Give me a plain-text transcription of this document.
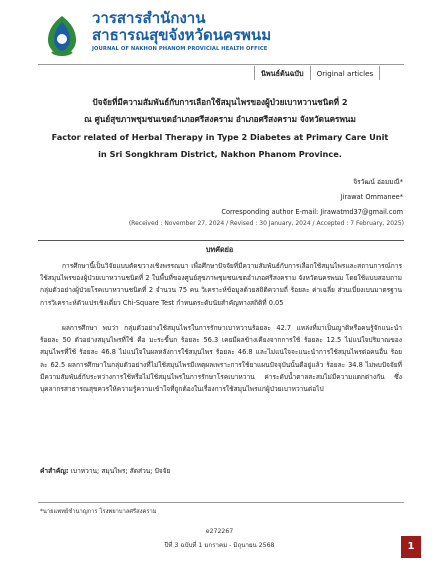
วารสารสำนักงาน
สาธารณสุขจังหวัดนครพนม
JOURNAL OF NAKHON PHANOM PROVICIAL HEALTH OFFICE
นิพนธ์ต้นฉบับ	Original articles
ปัจจัยที่มีความสัมพันธ์กับการเลือกใช้สมุนไพรของผู้ป่วยเบาหวานชนิดที่ 2
ณ ศูนย์สุขภาพชุมชนเขตอำเภอศรีสงคราม อำเภอศรีสงคราม จังหวัดนครพนม
Factor related of Herbal Therapy in Type 2 Diabetes at Primary Care Unit
in Sri Songkhram District, Nakhon Phanom Province.
จิรวัฒน์ อ่อมมณี*
Jirawat Ommanee*
Corresponding author E-mail: Jirawatmd37@gmail.com
(Received : November 27, 2024 / Revised : 30 January, 2024 / Accepted : 7 February, 2025)
บทคัดย่อ

การศึกษานี้เป็นวิจัยแบบตัดขวางเชิงพรรณนา เพื่อศึกษาปัจจัยที่มีความสัมพันธ์กับการเลือกใช้สมุนไพรและสถานการณ์การใช้สมุนไพรของผู้ป่วยเบาหวานชนิดที่ 2 ในพื้นที่ของศูนย์สุขภาพชุมชนเขตอำเภอศรีสงคราม จังหวัดนครพนม โดยใช้แบบสอบถาม กลุ่มตัวอย่างผู้ป่วยโรคเบาหวานชนิดที่ 2 จำนวน 75 คน วิเคราะห์ข้อมูลด้วยสถิติความถี่ ร้อยละ ค่าเฉลี่ย ส่วนเบี่ยงเบนมาตรฐาน การวิเคราะห์ตัวแปรเชิงเดี่ยว Chi-Square Test กำหนดระดับนัยสำคัญทางสถิติที่ 0.05

ผลการศึกษา พบว่า กลุ่มตัวอย่างใช้สมุนไพรในการรักษาเบาหวานร้อยละ 42.7 แหล่งที่มาเป็นญาติหรือคนรู้จักแนะนำ ร้อยละ 50 ตัวอย่างสมุนไพรที่ใช้ คือ มะระขี้นก ร้อยละ 56.3 เคยมีผลข้างเคียงจากการใช้ ร้อยละ 12.5 ไม่แน่ใจปริมาณของสมุนไพรที่ใช้ ร้อยละ 46.8 ไม่แน่ใจในผลหลังการใช้สมุนไพร ร้อยละ 46.8 และไม่แน่ใจจะแนะนำการใช้สมุนไพรต่อคนอื่น ร้อยละ 62.5 ผลการศึกษาในกลุ่มตัวอย่างที่ไม่ใช้สมุนไพรมีเหตุผลเพราะการใช้ยาแผนปัจจุบันนั้นดีอยู่แล้ว ร้อยละ 34.8 ไม่พบปัจจัยที่มีความสัมพันธ์กับระหว่างการใช้หรือไม่ใช้สมุนไพรในการรักษาโรคเบาหวาน ค่าระดับน้ำตาลสะสมไม่มีความแตกต่างกัน ซึ่งบุคลากรสาธารณสุขควรให้ความรู้ความเข้าใจที่ถูกต้องในเรื่องการใช้สมุนไพรแก่ผู้ป่วยเบาหวานต่อไป

คำสำคัญ: เบาหวาน; สมุนไพร; สัดส่วน; ปัจจัย
*นายแพทย์ชำนาญการ โรงพยาบาลศรีสงคราม
e272267
ปีที่ 3 ฉบับที่ 1 มกราคม - มิถุนายน 2568	1
